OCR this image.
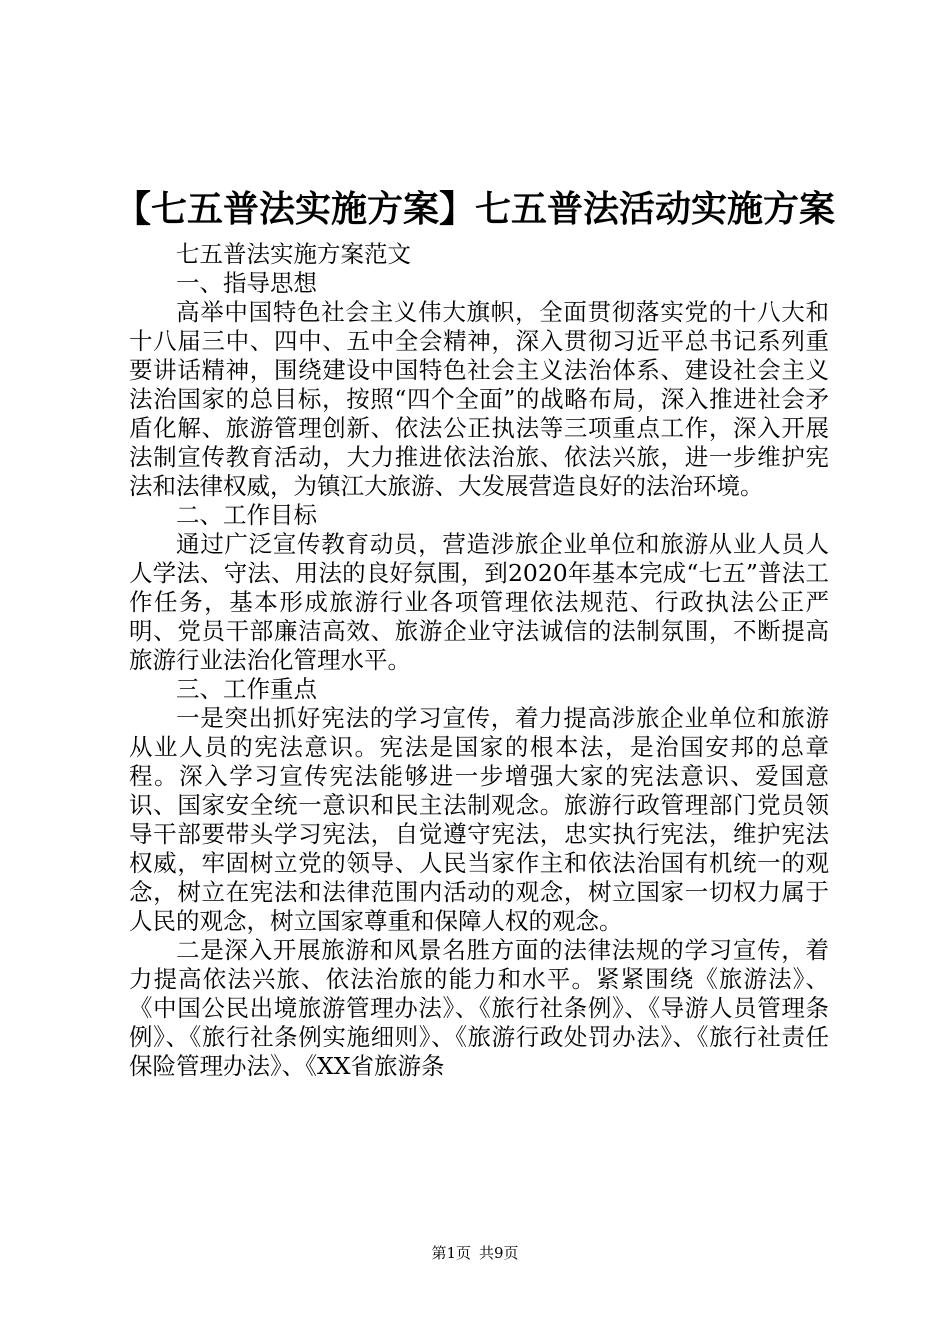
【七五普法实施方案】七五普法活动实施方案

七五普法实施方案范文

一、指导思想

高举中国特色社会主义伟大旗帜，全面贯彻落实党的十八大和十八届三中、四中、五中全会精神，深入贯彻习近平总书记系列重要讲话精神，围绕建设中国特色社会主义法治体系、建设社会主义法治国家的总目标，按照“四个全面”的战略布局，深入推进社会矛盾化解、旅游管理创新、依法公正执法等三项重点工作，深入开展法制宣传教育活动，大力推进依法治旅、依法兴旅，进一步维护宪法和法律权威，为镇江大旅游、大发展营造良好的法治环境。

二、工作目标

通过广泛宣传教育动员，营造涉旅企业单位和旅游从业人员人人学法、守法、用法的良好氛围，到2020年基本完成“七五”普法工作任务，基本形成旅游行业各项管理依法规范、行政执法公正严明、党员干部廉洁高效、旅游企业守法诚信的法制氛围，不断提高旅游行业法治化管理水平。

三、工作重点

一是突出抓好宪法的学习宣传，着力提高涉旅企业单位和旅游从业人员的宪法意识。宪法是国家的根本法，是治国安邦的总章程。深入学习宣传宪法能够进一步增强大家的宪法意识、爱国意识、国家安全统一意识和民主法制观念。旅游行政管理部门党员领导干部要带头学习宪法，自觉遵守宪法，忠实执行宪法，维护宪法权威，牢固树立党的领导、人民当家作主和依法治国有机统一的观念，树立在宪法和法律范围内活动的观念，树立国家一切权力属于人民的观念，树立国家尊重和保障人权的观念。

二是深入开展旅游和风景名胜方面的法律法规的学习宣传，着力提高依法兴旅、依法治旅的能力和水平。紧紧围绕《旅游法》、《中国公民出境旅游管理办法》、《旅行社条例》、《导游人员管理条例》、《旅行社条例实施细则》、《旅游行政处罚办法》、《旅行社责任保险管理办法》、《XX省旅游条

第1页 共9页
